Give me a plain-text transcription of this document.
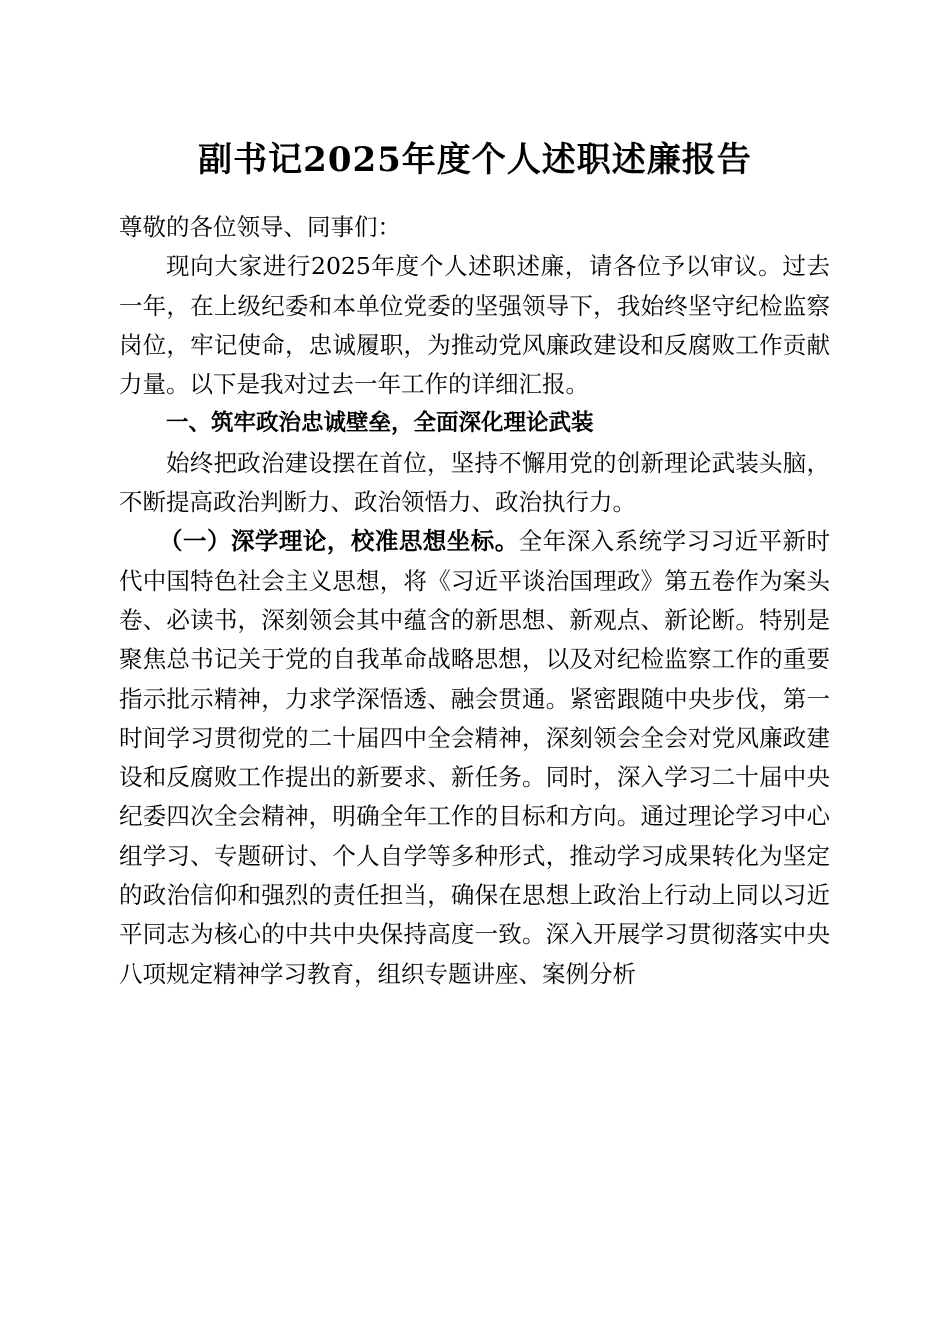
副书记2025年度个人述职述廉报告

尊敬的各位领导、同事们：

现向大家进行2025年度个人述职述廉，请各位予以审议。过去一年，在上级纪委和本单位党委的坚强领导下，我始终坚守纪检监察岗位，牢记使命，忠诚履职，为推动党风廉政建设和反腐败工作贡献力量。以下是我对过去一年工作的详细汇报。

一、筑牢政治忠诚壁垒，全面深化理论武装

始终把政治建设摆在首位，坚持不懈用党的创新理论武装头脑，不断提高政治判断力、政治领悟力、政治执行力。

（一）深学理论，校准思想坐标。全年深入系统学习习近平新时代中国特色社会主义思想，将《习近平谈治国理政》第五卷作为案头卷、必读书，深刻领会其中蕴含的新思想、新观点、新论断。特别是聚焦总书记关于党的自我革命战略思想，以及对纪检监察工作的重要指示批示精神，力求学深悟透、融会贯通。紧密跟随中央步伐，第一时间学习贯彻党的二十届四中全会精神，深刻领会全会对党风廉政建设和反腐败工作提出的新要求、新任务。同时，深入学习二十届中央纪委四次全会精神，明确全年工作的目标和方向。通过理论学习中心组学习、专题研讨、个人自学等多种形式，推动学习成果转化为坚定的政治信仰和强烈的责任担当，确保在思想上政治上行动上同以习近平同志为核心的中共中央保持高度一致。深入开展学习贯彻落实中央八项规定精神学习教育，组织专题讲座、案例分析
